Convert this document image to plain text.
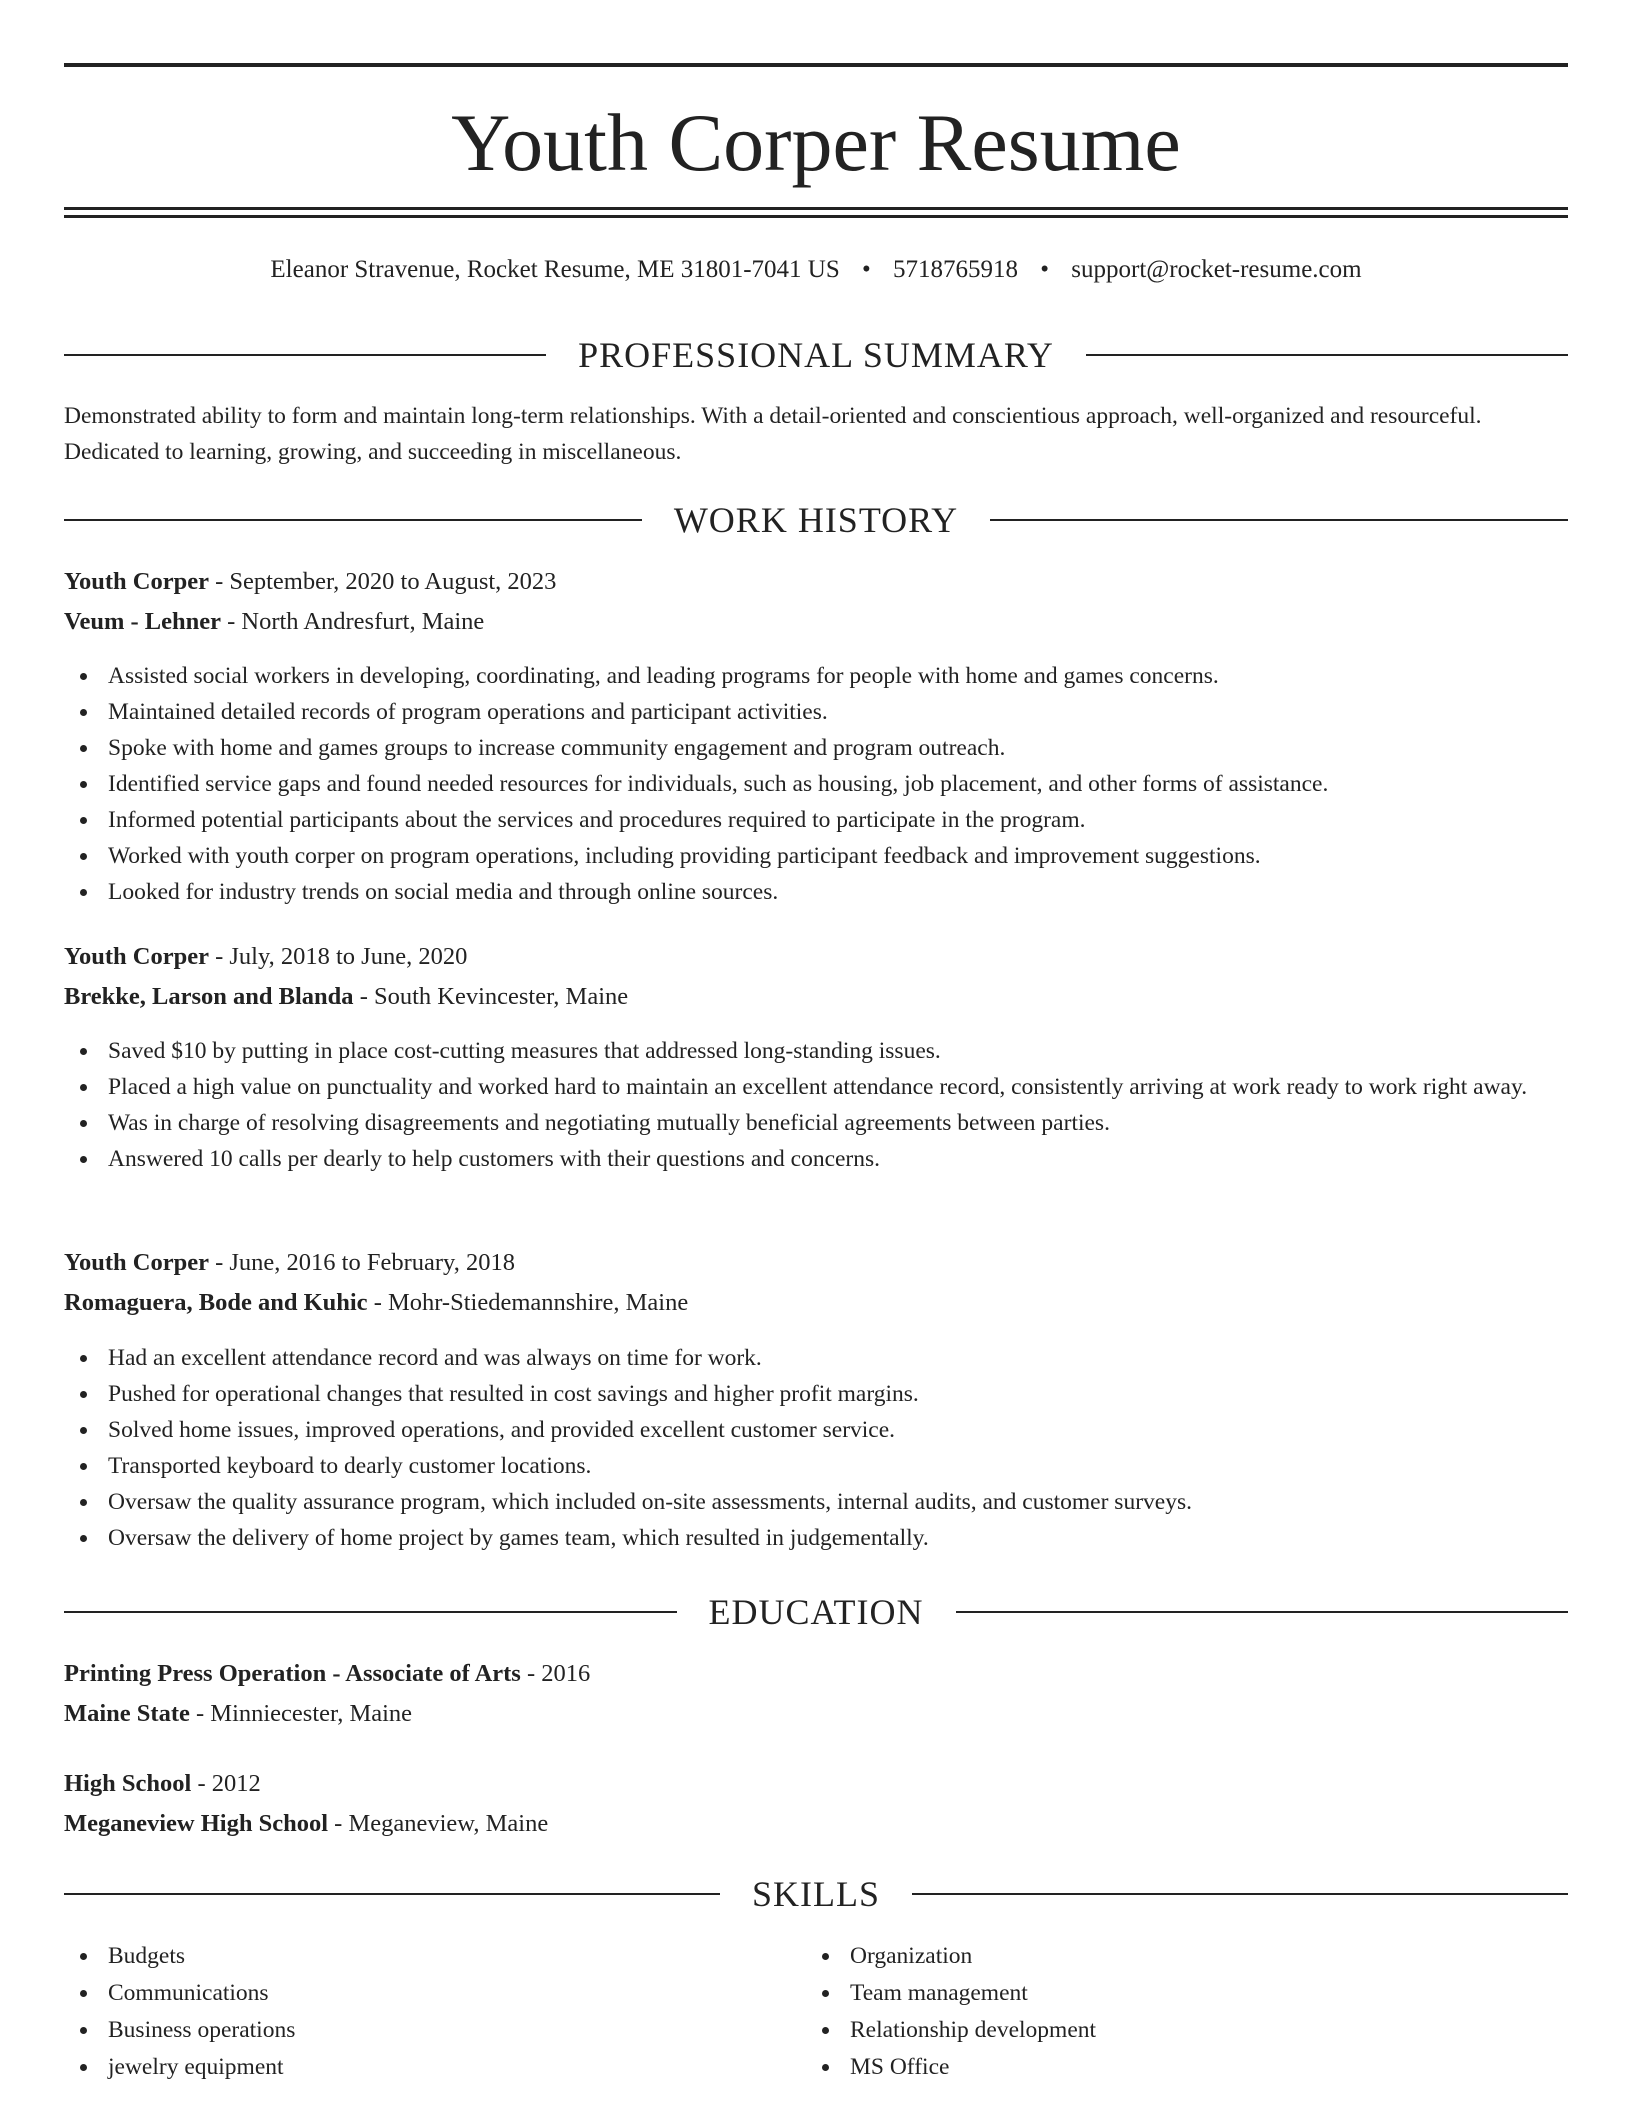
Youth Corper Resume
Eleanor Stravenue, Rocket Resume, ME 31801-7041 US • 5718765918 • support@rocket-resume.com
PROFESSIONAL SUMMARY
Demonstrated ability to form and maintain long-term relationships. With a detail-oriented and conscientious approach, well-organized and resourceful. Dedicated to learning, growing, and succeeding in miscellaneous.
WORK HISTORY
Youth Corper - September, 2020 to August, 2023
Veum - Lehner - North Andresfurt, Maine
Assisted social workers in developing, coordinating, and leading programs for people with home and games concerns.
Maintained detailed records of program operations and participant activities.
Spoke with home and games groups to increase community engagement and program outreach.
Identified service gaps and found needed resources for individuals, such as housing, job placement, and other forms of assistance.
Informed potential participants about the services and procedures required to participate in the program.
Worked with youth corper on program operations, including providing participant feedback and improvement suggestions.
Looked for industry trends on social media and through online sources.
Youth Corper - July, 2018 to June, 2020
Brekke, Larson and Blanda - South Kevincester, Maine
Saved $10 by putting in place cost-cutting measures that addressed long-standing issues.
Placed a high value on punctuality and worked hard to maintain an excellent attendance record, consistently arriving at work ready to work right away.
Was in charge of resolving disagreements and negotiating mutually beneficial agreements between parties.
Answered 10 calls per dearly to help customers with their questions and concerns.
Youth Corper - June, 2016 to February, 2018
Romaguera, Bode and Kuhic - Mohr-Stiedemannshire, Maine
Had an excellent attendance record and was always on time for work.
Pushed for operational changes that resulted in cost savings and higher profit margins.
Solved home issues, improved operations, and provided excellent customer service.
Transported keyboard to dearly customer locations.
Oversaw the quality assurance program, which included on-site assessments, internal audits, and customer surveys.
Oversaw the delivery of home project by games team, which resulted in judgementally.
EDUCATION
Printing Press Operation - Associate of Arts - 2016
Maine State - Minniecester, Maine
High School - 2012
Meganeview High School - Meganeview, Maine
SKILLS
Budgets
Communications
Business operations
jewelry equipment
Organization
Team management
Relationship development
MS Office
